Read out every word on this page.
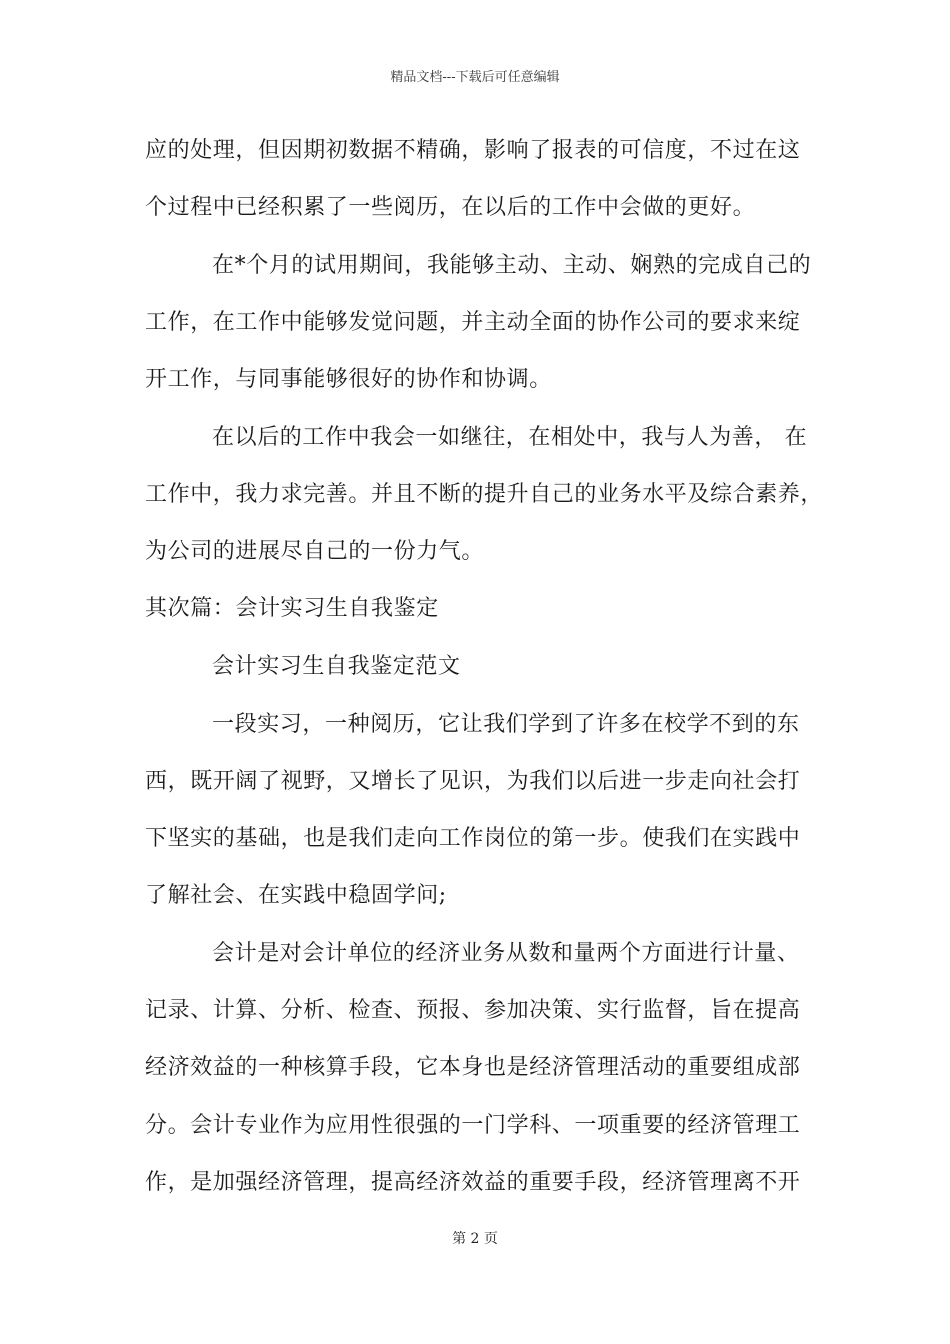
精品文档---下载后可任意编辑
应的处理，但因期初数据不精确，影响了报表的可信度，不过在这
个过程中已经积累了一些阅历，在以后的工作中会做的更好。
在*个月的试用期间，我能够主动、主动、娴熟的完成自己的
工作，在工作中能够发觉问题，并主动全面的协作公司的要求来绽
开工作，与同事能够很好的协作和协调。
在以后的工作中我会一如继往，在相处中，我与人为善， 在
工作中，我力求完善。并且不断的提升自己的业务水平及综合素养，
为公司的进展尽自己的一份力气。
其次篇：会计实习生自我鉴定
会计实习生自我鉴定范文
一段实习，一种阅历，它让我们学到了许多在校学不到的东
西，既开阔了视野，又增长了见识，为我们以后进一步走向社会打
下坚实的基础，也是我们走向工作岗位的第一步。使我们在实践中
了解社会、在实践中稳固学问;
会计是对会计单位的经济业务从数和量两个方面进行计量、
记录、计算、分析、检查、预报、参加决策、实行监督，旨在提高
经济效益的一种核算手段，它本身也是经济管理活动的重要组成部
分。会计专业作为应用性很强的一门学科、一项重要的经济管理工
作，是加强经济管理，提高经济效益的重要手段，经济管理离不开
第 2 页
